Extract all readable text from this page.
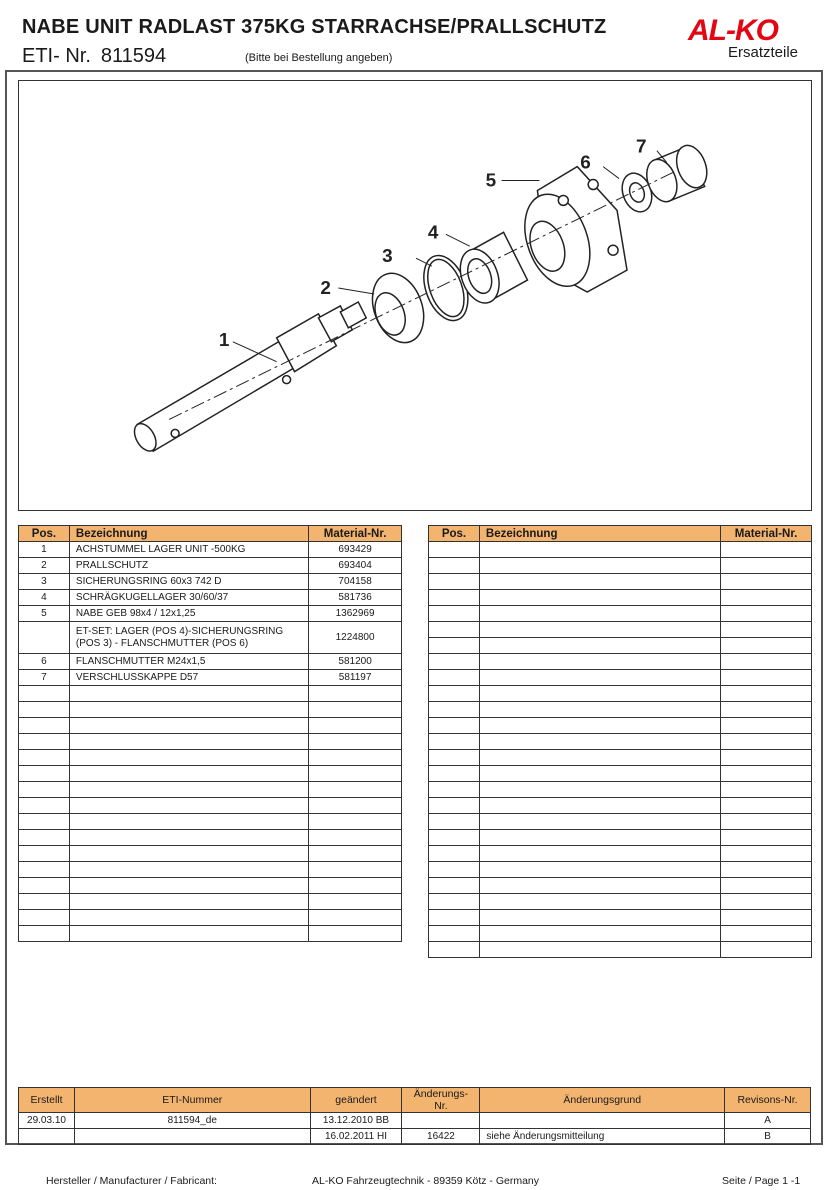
NABE UNIT RADLAST 375KG STARRACHSE/PRALLSCHUTZ
ETI- Nr. 811594	(Bitte bei Bestellung angeben)
AL-KO
Ersatzteile
1
2
3
4
5
6
7
Pos.	Bezeichnung	Material-Nr.
1	ACHSTUMMEL LAGER UNIT -500KG	693429
2	PRALLSCHUTZ	693404
3	SICHERUNGSRING 60x3 742 D	704158
4	SCHRÄGKUGELLAGER 30/60/37	581736
5	NABE GEB 98x4 / 12x1,25	1362969
	ET-SET: LAGER (POS 4)-SICHERUNGSRING (POS 3) - FLANSCHMUTTER (POS 6)	1224800
6	FLANSCHMUTTER M24x1,5	581200
7	VERSCHLUSSKAPPE D57	581197

Pos.	Bezeichnung	Material-Nr.

Erstellt	ETI-Nummer	geändert	Änderungs-Nr.	Änderungsgrund	Revisons-Nr.
29.03.10	811594_de	13.12.2010 BB			A
		16.02.2011 HI	16422	siehe Änderungsmitteilung	B
Hersteller / Manufacturer / Fabricant:	AL-KO Fahrzeugtechnik - 89359 Kötz - Germany	Seite / Page 1 -1
